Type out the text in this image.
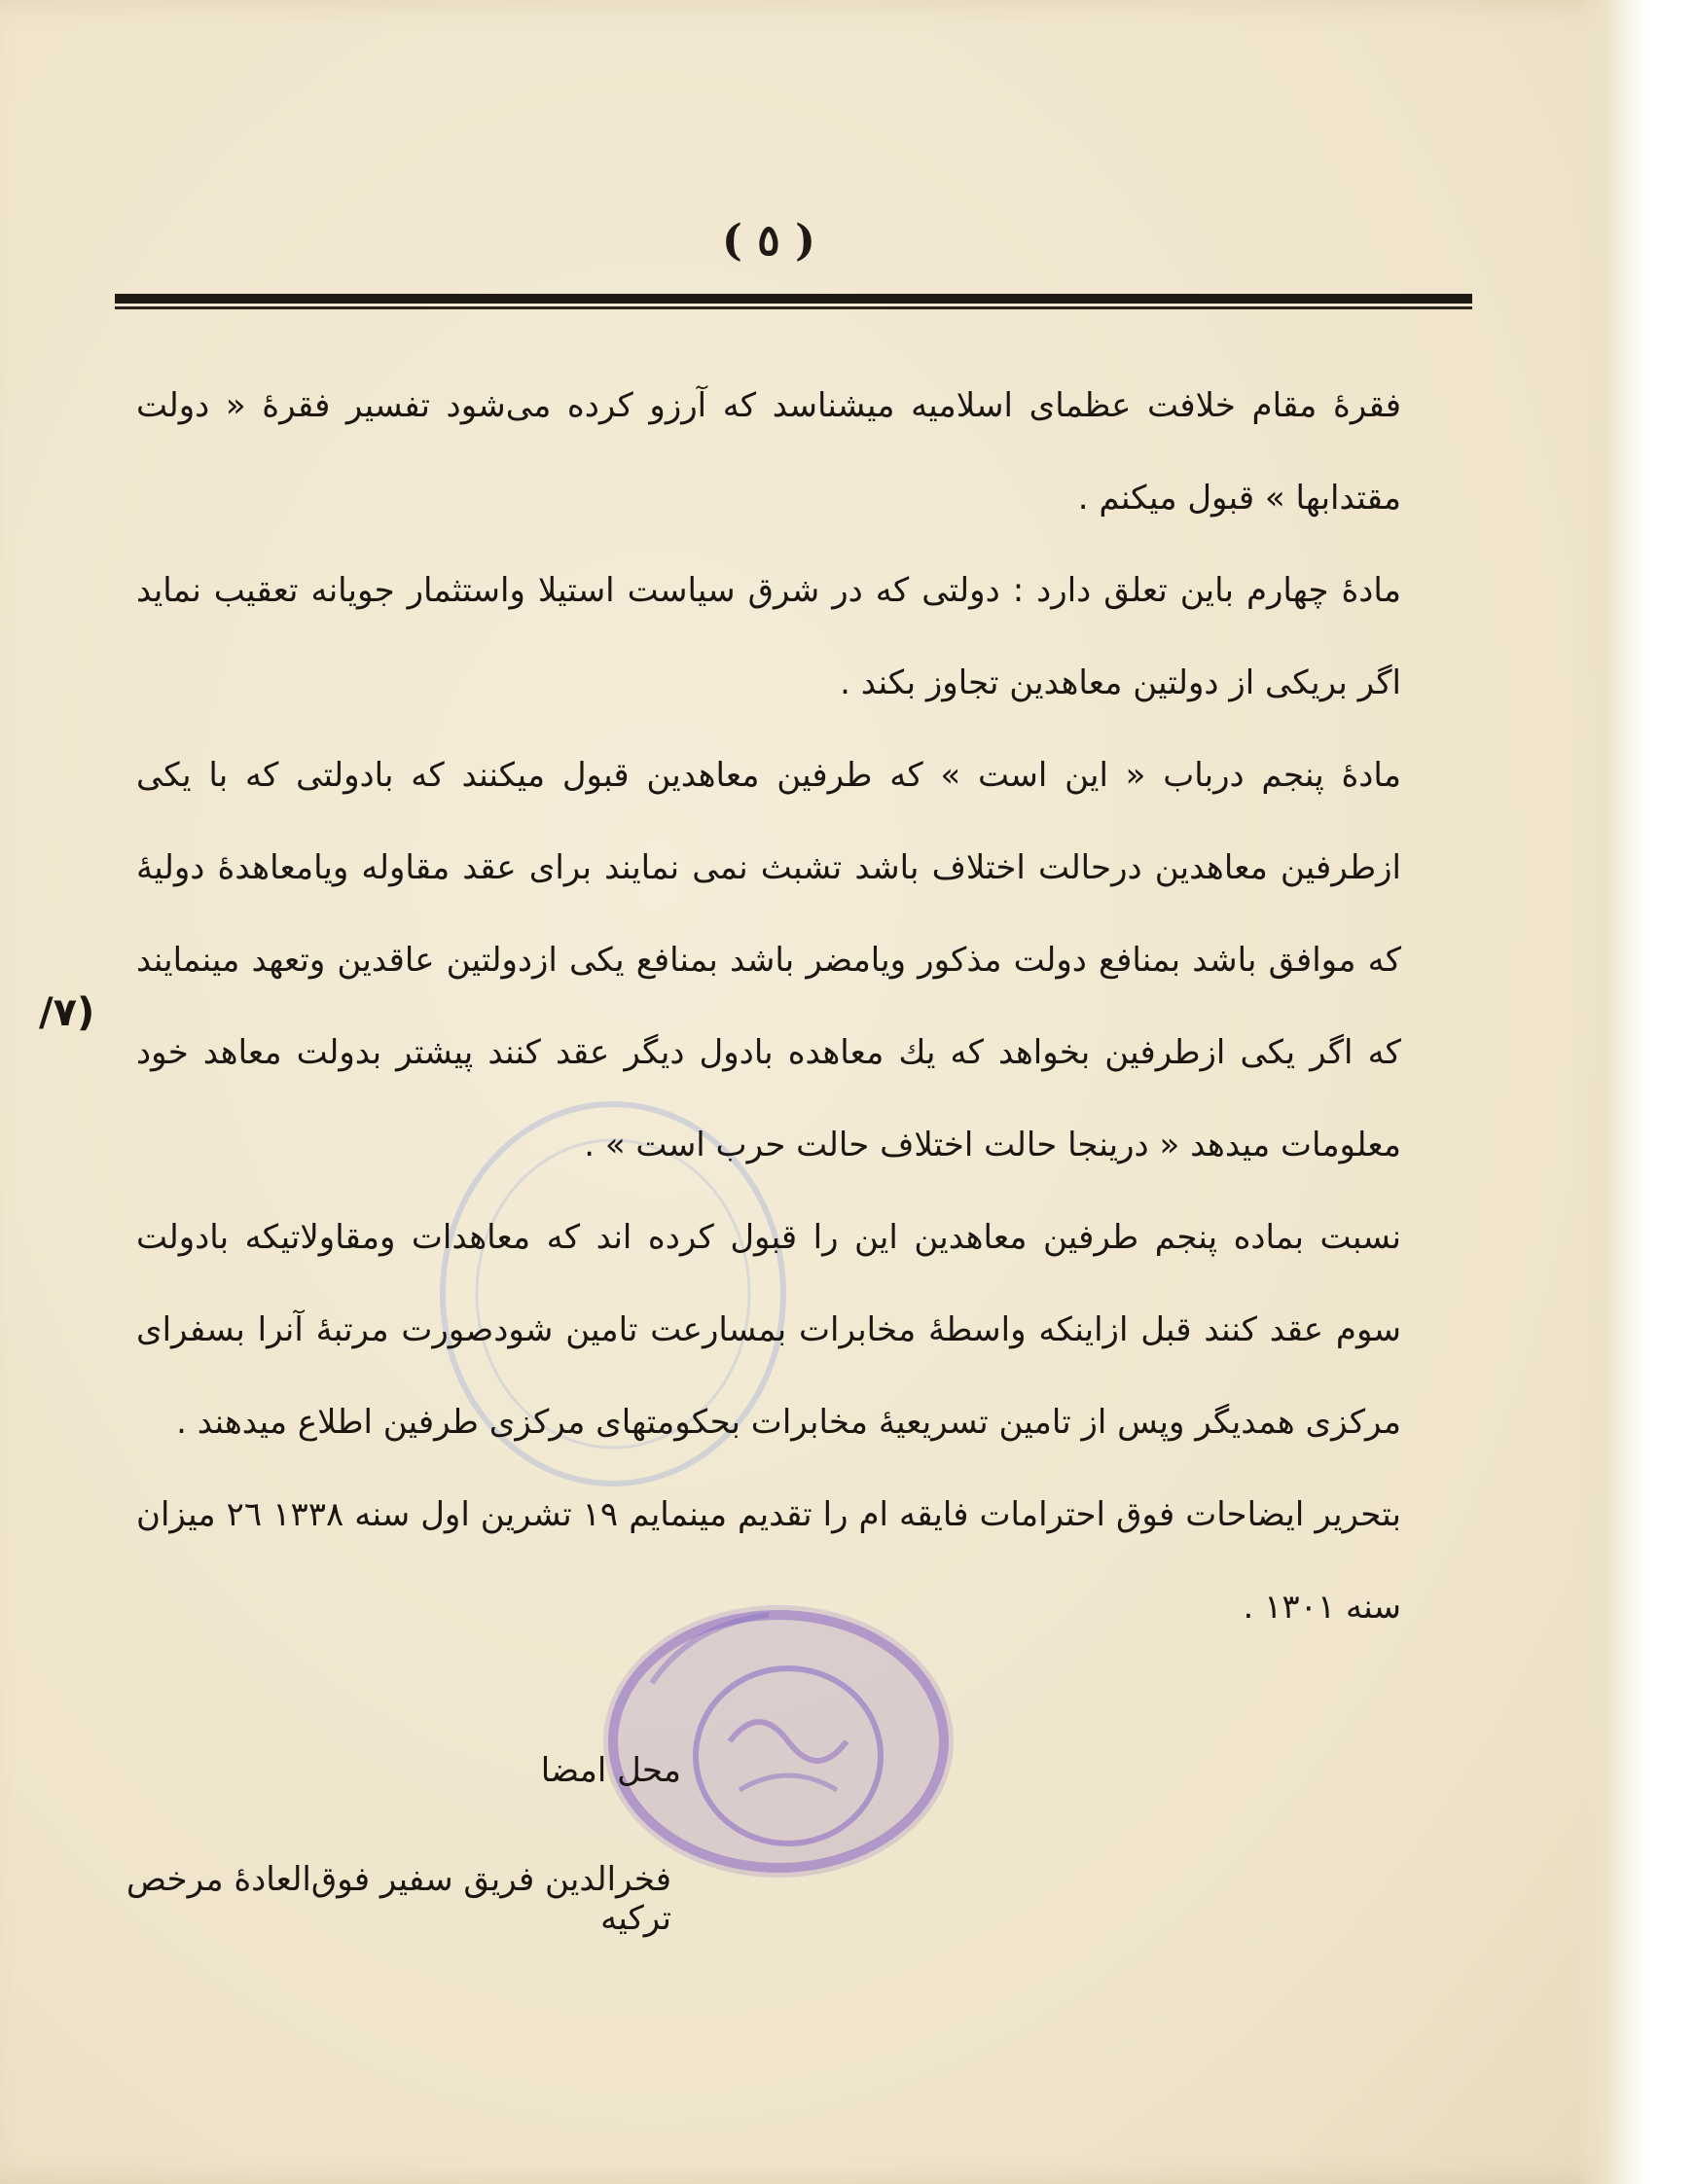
( ٥ )

فقرهٔ مقام خلافت عظمای اسلامیه میشناسد که آرزو کرده می‌شود تفسیر فقرهٔ « دولت مقتدابها » قبول میکنم .

مادهٔ چهارم باین تعلق دارد : دولتی که در شرق سیاست استیلا واستثمار جویانه تعقیب نماید اگر بریکی از دولتین معاهدین تجاوز بکند .

مادهٔ پنجم درباب « این است » که طرفین معاهدین قبول میکنند که بادولتی که با یکی ازطرفین معاهدین درحالت اختلاف باشد تشبث نمی نمایند برای عقد مقاوله ویامعاهدهٔ دولیهٔ که موافق باشد بمنافع دولت مذکور ویامضر باشد بمنافع یکی ازدولتین عاقدین وتعهد مینمایند که اگر یکی ازطرفین بخواهد که یك معاهده بادول دیگر عقد کنند پیشتر بدولت معاهد خود معلومات میدهد « درینجا حالت اختلاف حالت حرب است » .

نسبت بماده پنجم طرفین معاهدین این را قبول کرده اند که معاهدات ومقاولاتیکه بادولت سوم عقد کنند قبل ازاینکه واسطهٔ مخابرات بمسارعت تامین شودصورت مرتبهٔ آنرا بسفرای مرکزی همدیگر وپس از تامین تسریعیهٔ مخابرات بحکومتهای مرکزی طرفین اطلاع میدهند .

بتحریر ایضاحات فوق احترامات فایقه ام را تقدیم مینمایم ۱۹ تشرین اول سنه ۱۳۳۸ ۲٦ میزان سنه ۱۳۰۱ .

(٧/
محل امضا
فخرالدین فریق سفیر فوق‌العادهٔ مرخص ترکیه
